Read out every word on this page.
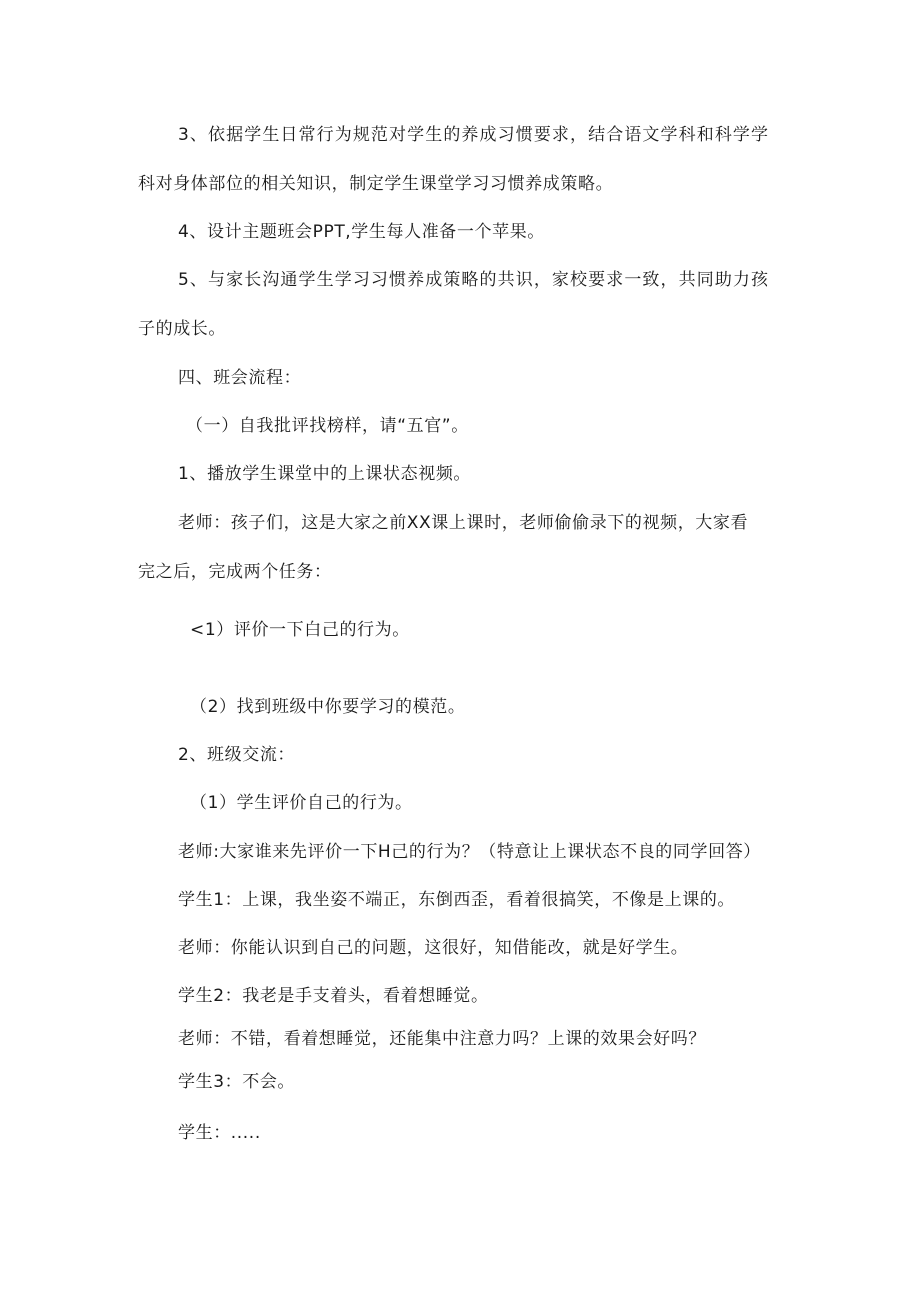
3、依据学生日常行为规范对学生的养成习惯要求，结合语文学科和科学学
科对身体部位的相关知识，制定学生课堂学习习惯养成策略。
4、设计主题班会PPT,学生每人准备一个苹果。
5、与家长沟通学生学习习惯养成策略的共识，家校要求一致，共同助力孩
子的成长。
四、班会流程：
（一）自我批评找榜样，请“五官”。
1、播放学生课堂中的上课状态视频。
老师：孩子们，这是大家之前XX课上课时，老师偷偷录下的视频，大家看
完之后，完成两个任务：
<1）评价一下白己的行为。
（2）找到班级中你要学习的模范。
2、班级交流：
（1）学生评价自己的行为。
老师:大家谁来先评价一下H己的行为？（特意让上课状态不良的同学回答）
学生1：上课，我坐姿不端正，东倒西歪，看着很搞笑，不像是上课的。
老师：你能认识到自己的问题，这很好，知借能改，就是好学生。
学生2：我老是手支着头，看着想睡觉。
老师：不错，看着想睡觉，还能集中注意力吗？上课的效果会好吗？
学生3：不会。
学生：.....
